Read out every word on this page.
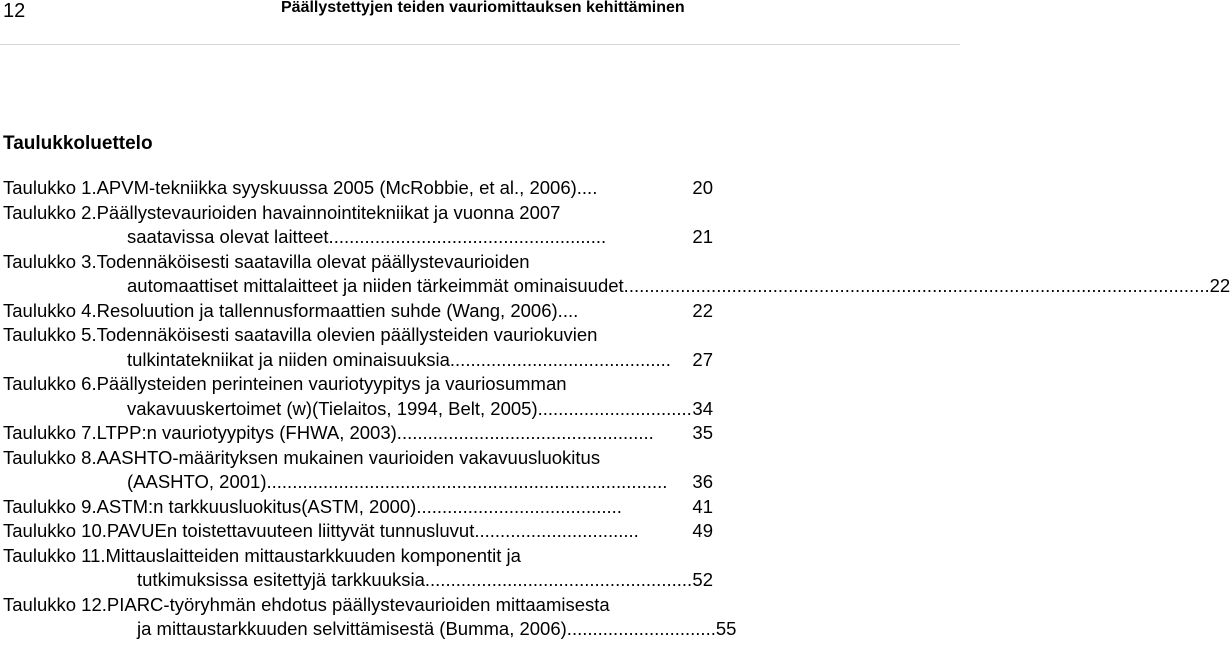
12	Päällystettyjen teiden vauriomittauksen kehittäminen
Taulukkoluettelo
Taulukko 1. APVM-tekniikka syyskuussa 2005 (McRobbie, et al., 2006). ...	20
Taulukko 2. Päällystevaurioiden havainnointitekniikat ja vuonna 2007
saatavissa olevat laitteet. .....................................................	21
Taulukko 3. Todennäköisesti saatavilla olevat päällystevaurioiden
automaattiset mittalaitteet ja niiden tärkeimmät ominaisuudet. ................................................................................................................. 22
Taulukko 4. Resoluution ja tallennusformaattien suhde (Wang, 2006). ...	22
Taulukko 5. Todennäköisesti saatavilla olevien päällysteiden vauriokuvien
tulkintatekniikat ja niiden ominaisuuksia ...........................................	27
Taulukko 6. Päällysteiden perinteinen vauriotyypitys ja vauriosumman
vakavuuskertoimet (w)(Tielaitos, 1994, Belt, 2005). ............................. 34
Taulukko 7. LTPP:n vauriotyypitys (FHWA, 2003). .................................................	35
Taulukko 8. AASHTO-määrityksen mukainen vaurioiden vakavuusluokitus
(AASHTO, 2001). .............................................................................	36
Taulukko 9. ASTM:n tarkkuusluokitus(ASTM, 2000). .......................................	41
Taulukko 10. PAVUEn toistettavuuteen liittyvät tunnusluvut. ...............................	49
Taulukko 11. Mittauslaitteiden mittaustarkkuuden komponentit ja
tutkimuksissa esitettyjä tarkkuuksia. ................................................... 52
Taulukko 12. PIARC-työryhmän ehdotus päällystevaurioiden mittaamisesta
ja mittaustarkkuuden selvittämisestä (Bumma, 2006). ............................ 55
